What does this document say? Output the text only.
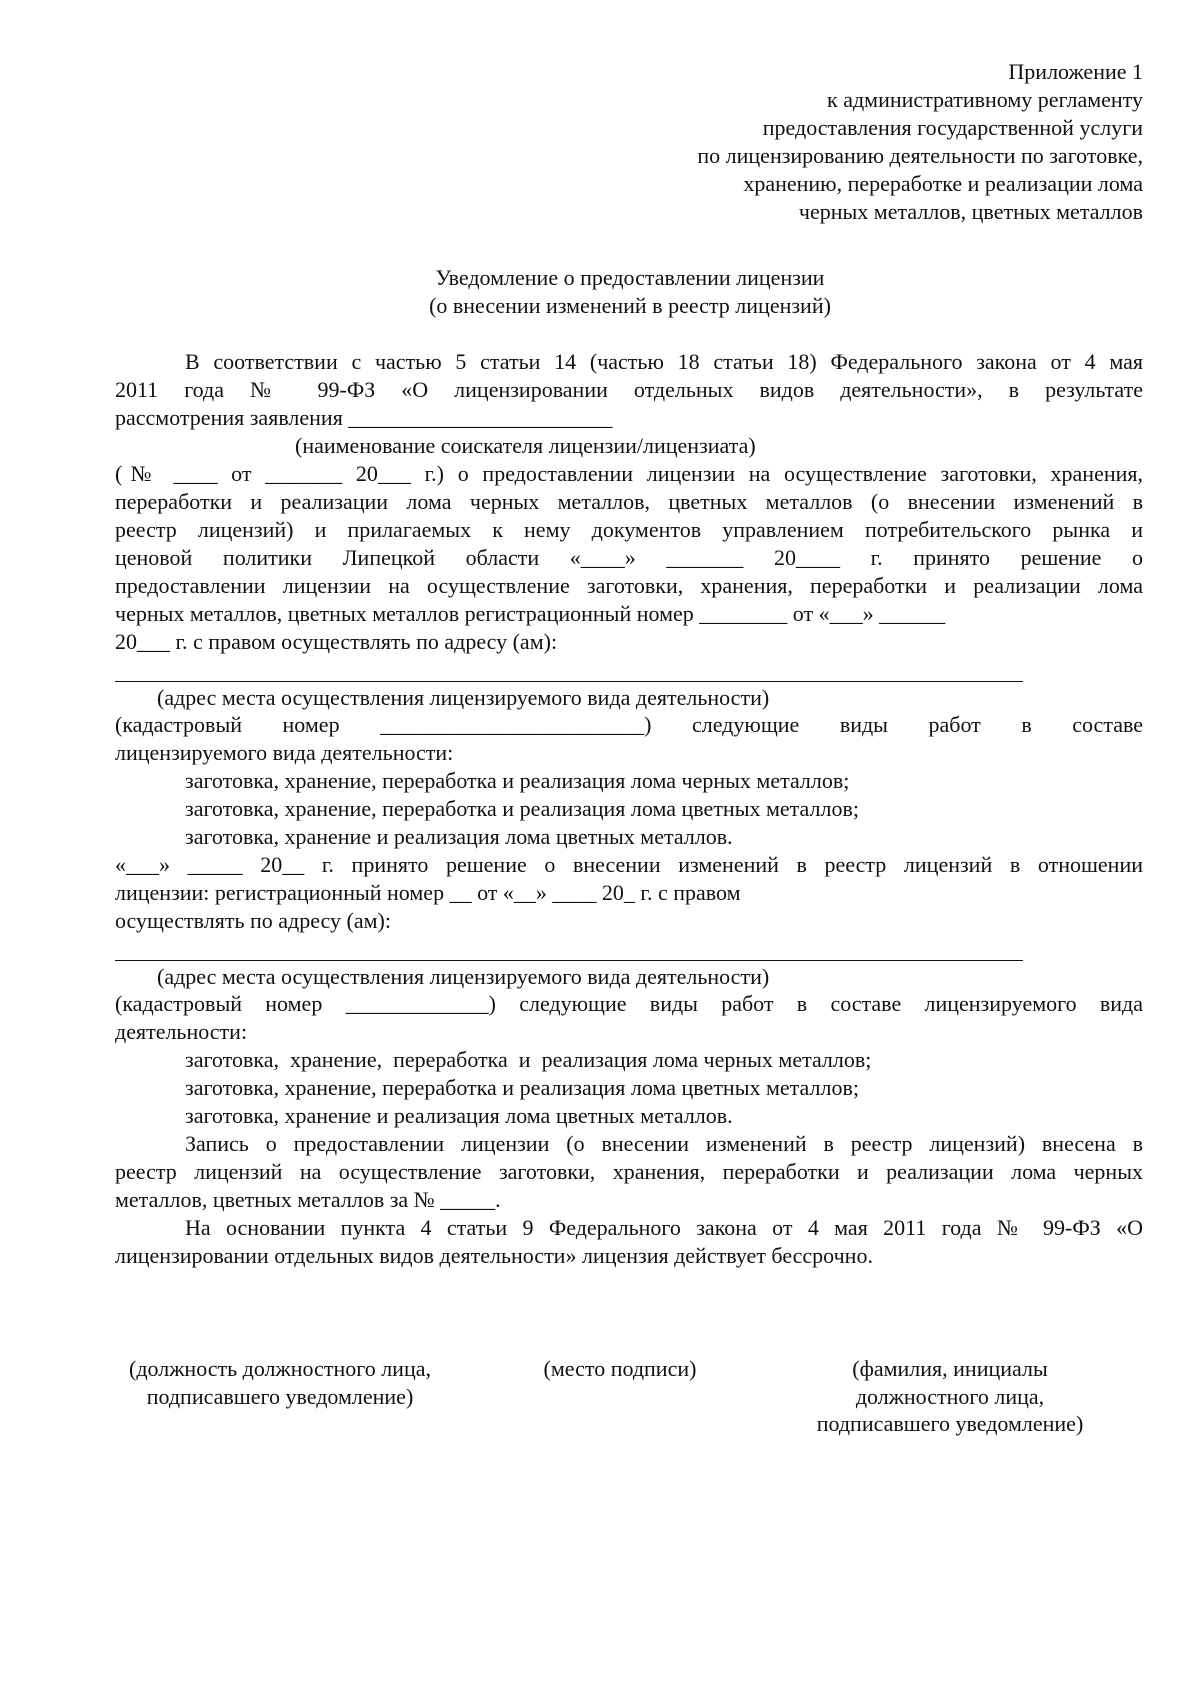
Приложение 1
к административному регламенту
предоставления государственной услуги
по лицензированию деятельности по заготовке,
хранению, переработке и реализации лома
черных металлов, цветных металлов
Уведомление о предоставлении лицензии
(о внесении изменений в реестр лицензий)
В соответствии с частью 5 статьи 14 (частью 18 статьи 18) Федерального закона от 4 мая
2011 года № 99-ФЗ «О лицензировании отдельных видов деятельности», в результате
рассмотрения заявления ________________________
(наименование соискателя лицензии/лицензиата)
(№ ____ от _______ 20___ г.) о предоставлении лицензии на осуществление заготовки, хранения,
переработки и реализации лома черных металлов, цветных металлов (о внесении изменений в
реестр лицензий) и прилагаемых к нему документов управлением потребительского рынка и
ценовой политики Липецкой области «____» _______ 20____ г. принято решение о
предоставлении лицензии на осуществление заготовки, хранения, переработки и реализации лома
черных металлов, цветных металлов регистрационный номер ________ от «___» ______
20___ г. с правом осуществлять по адресу (ам):
(адрес места осуществления лицензируемого вида деятельности)
(кадастровый номер ________________________) следующие виды работ в составе
лицензируемого вида деятельности:
заготовка, хранение, переработка и реализация лома черных металлов;
заготовка, хранение, переработка и реализация лома цветных металлов;
заготовка, хранение и реализация лома цветных металлов.
«___» _____ 20__ г. принято решение о внесении изменений в реестр лицензий в отношении
лицензии: регистрационный номер __ от «__» ____ 20_ г. с правом
осуществлять по адресу (ам):
(адрес места осуществления лицензируемого вида деятельности)
(кадастровый номер _____________) следующие виды работ в составе лицензируемого вида
деятельности:
заготовка,  хранение,  переработка  и  реализация лома черных металлов;
заготовка, хранение, переработка и реализация лома цветных металлов;
заготовка, хранение и реализация лома цветных металлов.
Запись о предоставлении лицензии (о внесении изменений в реестр лицензий) внесена в
реестр лицензий на осуществление заготовки, хранения, переработки и реализации лома черных
металлов, цветных металлов за № _____.
На основании пункта 4 статьи 9 Федерального закона от 4 мая 2011 года № 99-ФЗ «О
лицензировании отдельных видов деятельности» лицензия действует бессрочно.
(должность должностного лица,
подписавшего уведомление)
(место подписи)	(фамилия, инициалы
должностного лица,
подписавшего уведомление)
